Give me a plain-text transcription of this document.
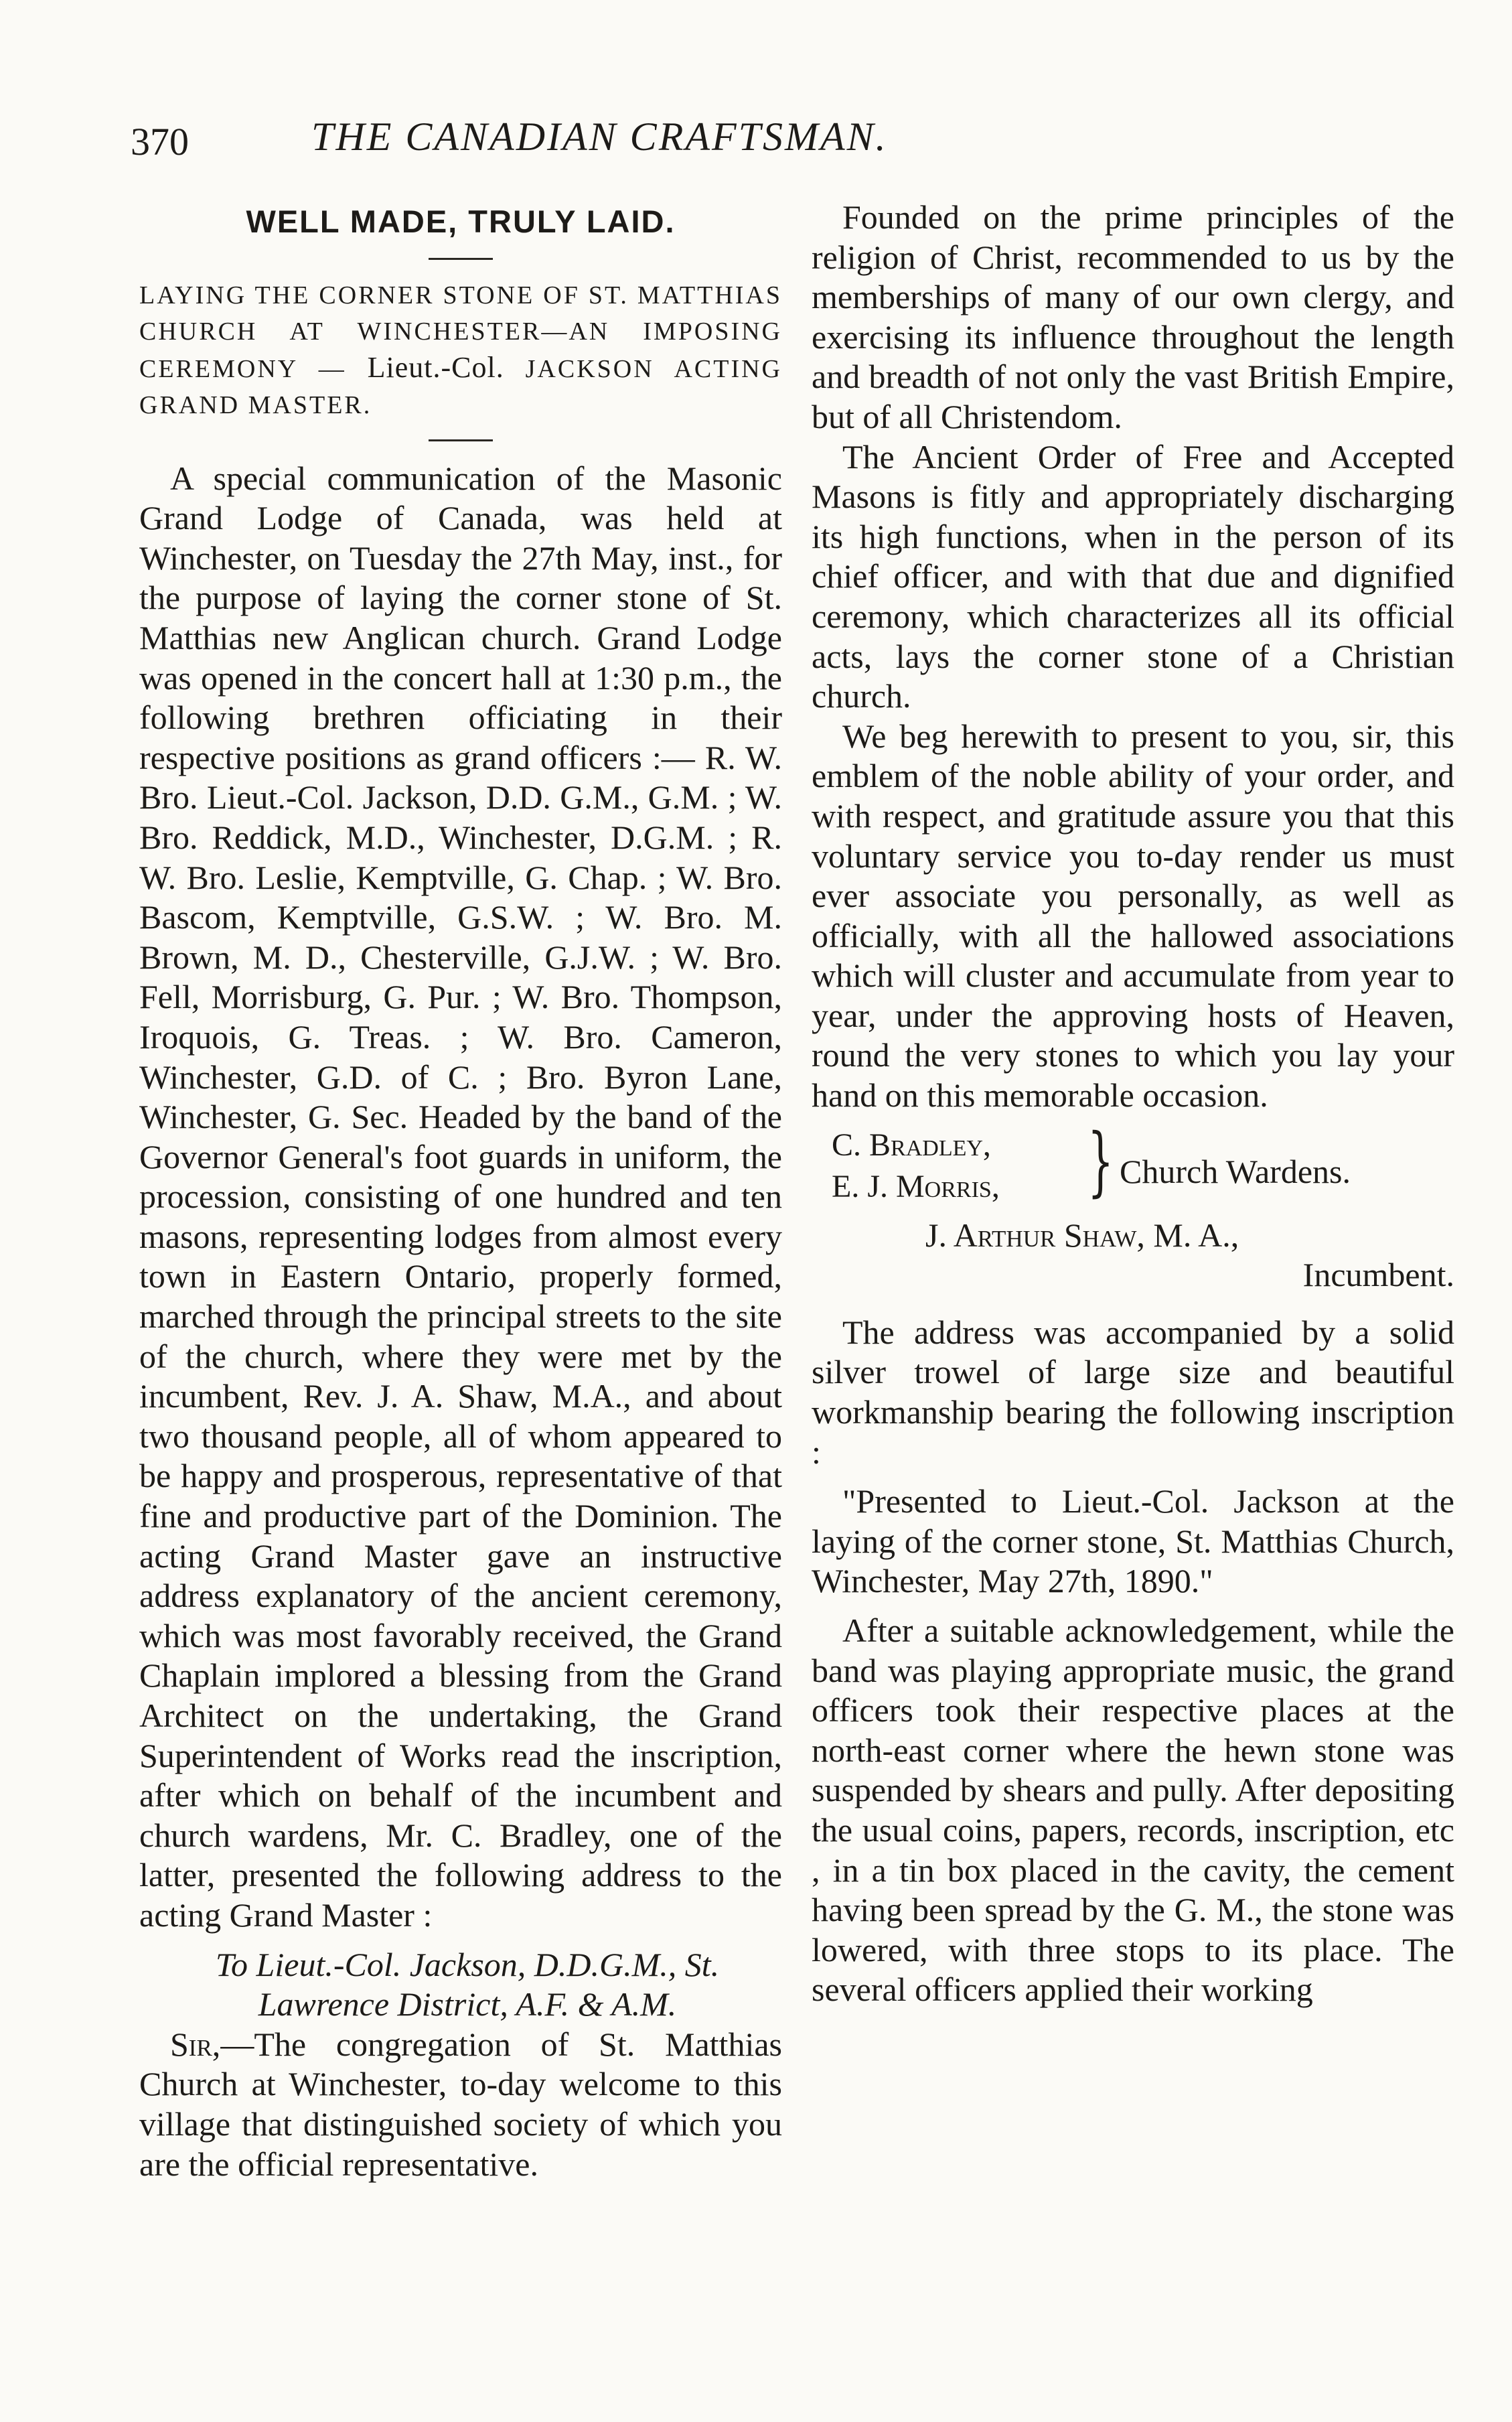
370	THE CANADIAN CRAFTSMAN.

WELL MADE, TRULY LAID.

LAYING THE CORNER STONE OF ST. MATTHIAS CHURCH AT WINCHESTER—AN IMPOSING CEREMONY — Lieut.-Col. JACKSON ACTING GRAND MASTER.

A special communication of the Masonic Grand Lodge of Canada, was held at Winchester, on Tuesday the 27th May, inst., for the purpose of laying the corner stone of St. Matthias new Anglican church. Grand Lodge was opened in the concert hall at 1:30 p.m., the following brethren officiating in their respective positions as grand officers :— R. W. Bro. Lieut.-Col. Jackson, D.D. G.M., G.M. ; W. Bro. Reddick, M.D., Winchester, D.G.M. ; R. W. Bro. Leslie, Kemptville, G. Chap. ; W. Bro. Bascom, Kemptville, G.S.W. ; W. Bro. M. Brown, M. D., Chesterville, G.J.W. ; W. Bro. Fell, Morrisburg, G. Pur. ; W. Bro. Thompson, Iroquois, G. Treas. ; W. Bro. Cameron, Winchester, G.D. of C. ; Bro. Byron Lane, Winchester, G. Sec. Headed by the band of the Governor General's foot guards in uniform, the procession, consisting of one hundred and ten masons, representing lodges from almost every town in Eastern Ontario, properly formed, marched through the principal streets to the site of the church, where they were met by the incumbent, Rev. J. A. Shaw, M.A., and about two thousand people, all of whom appeared to be happy and prosperous, representative of that fine and productive part of the Dominion. The acting Grand Master gave an instructive address explanatory of the ancient ceremony, which was most favorably received, the Grand Chaplain implored a blessing from the Grand Architect on the undertaking, the Grand Superintendent of Works read the inscription, after which on behalf of the incumbent and church wardens, Mr. C. Bradley, one of the latter, presented the following address to the acting Grand Master :

To Lieut.-Col. Jackson, D.D.G.M., St.

Lawrence District, A.F. & A.M.

Sir,—The congregation of St. Matthias Church at Winchester, to-day welcome to this village that distinguished society of which you are the official representative.

Founded on the prime principles of the religion of Christ, recommended to us by the memberships of many of our own clergy, and exercising its influence throughout the length and breadth of not only the vast British Empire, but of all Christendom.

The Ancient Order of Free and Accepted Masons is fitly and appropriately discharging its high functions, when in the person of its chief officer, and with that due and dignified ceremony, which characterizes all its official acts, lays the corner stone of a Christian church.

We beg herewith to present to you, sir, this emblem of the noble ability of your order, and with respect, and gratitude assure you that this voluntary service you to-day render us must ever associate you personally, as well as officially, with all the hallowed associations which will cluster and accumulate from year to year, under the approving hosts of Heaven, round the very stones to which you lay your hand on this memorable occasion.

C. Bradley,
E. J. Morris, } Church Wardens.

J. Arthur Shaw, M. A.,

Incumbent.

The address was accompanied by a solid silver trowel of large size and beautiful workmanship bearing the following inscription :

"Presented to Lieut.-Col. Jackson at the laying of the corner stone, St. Matthias Church, Winchester, May 27th, 1890."

After a suitable acknowledgement, while the band was playing appropriate music, the grand officers took their respective places at the north-east corner where the hewn stone was suspended by shears and pully. After depositing the usual coins, papers, records, inscription, etc , in a tin box placed in the cavity, the cement having been spread by the G. M., the stone was lowered, with three stops to its place. The several officers applied their working
